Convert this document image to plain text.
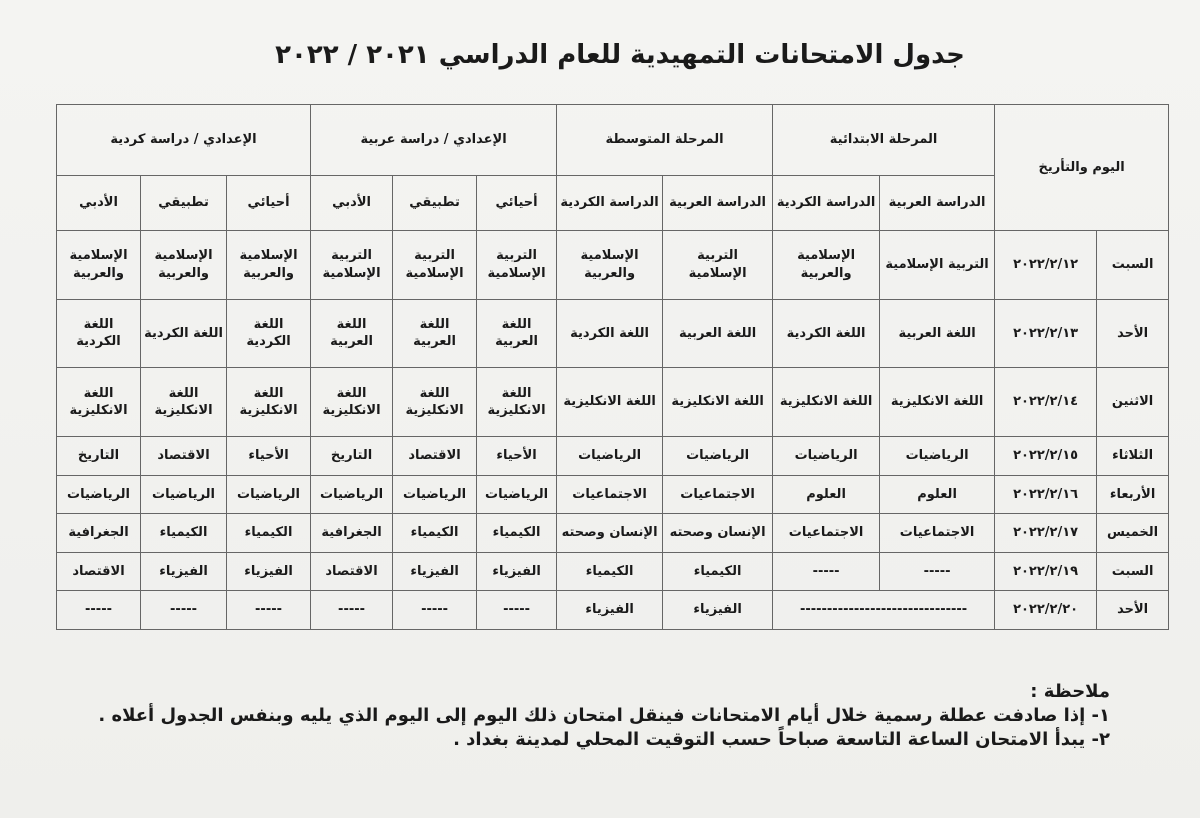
جدول الامتحانات التمهيدية للعام الدراسي ٢٠٢١ / ٢٠٢٢
اليوم والتأريخ		المرحلة الابتدائية		المرحلة المتوسطة		الإعدادي / دراسة عربية			الإعدادي / دراسة كردية		
		الدراسة العربية	الدراسة الكردية	الدراسة العربية	الدراسة الكردية	أحيائي	تطبيقي	الأدبي	أحيائي	تطبيقي	الأدبي
السبت	٢٠٢٢/٢/١٢	التربية الإسلامية	الإسلامية والعربية	التربية الإسلامية	الإسلامية والعربية	التربية الإسلامية	التربية الإسلامية	التربية الإسلامية	الإسلامية والعربية	الإسلامية والعربية	الإسلامية والعربية
الأحد	٢٠٢٢/٢/١٣	اللغة العربية	اللغة الكردية	اللغة العربية	اللغة الكردية	اللغة العربية	اللغة العربية	اللغة العربية	اللغة الكردية	اللغة الكردية	اللغة الكردية
الاثنين	٢٠٢٢/٢/١٤	اللغة الانكليزية	اللغة الانكليزية	اللغة الانكليزية	اللغة الانكليزية	اللغة الانكليزية	اللغة الانكليزية	اللغة الانكليزية	اللغة الانكليزية	اللغة الانكليزية	اللغة الانكليزية
الثلاثاء	٢٠٢٢/٢/١٥	الرياضيات	الرياضيات	الرياضيات	الرياضيات	الأحياء	الاقتصاد	التاريخ	الأحياء	الاقتصاد	التاريخ
الأربعاء	٢٠٢٢/٢/١٦	العلوم	العلوم	الاجتماعيات	الاجتماعيات	الرياضيات	الرياضيات	الرياضيات	الرياضيات	الرياضيات	الرياضيات
الخميس	٢٠٢٢/٢/١٧	الاجتماعيات	الاجتماعيات	الإنسان وصحته	الإنسان وصحته	الكيمياء	الكيمياء	الجغرافية	الكيمياء	الكيمياء	الجغرافية
السبت	٢٠٢٢/٢/١٩	-----	-----	الكيمياء	الكيمياء	الفيزياء	الفيزياء	الاقتصاد	الفيزياء	الفيزياء	الاقتصاد
الأحد	٢٠٢٢/٢/٢٠	-------------------------------		الفيزياء	الفيزياء	-----	-----	-----	-----	-----	-----
ملاحظة :
١- إذا صادفت عطلة رسمية خلال أيام الامتحانات فينقل امتحان ذلك اليوم إلى اليوم الذي يليه وبنفس الجدول أعلاه .
٢- يبدأ الامتحان الساعة التاسعة صباحاً حسب التوقيت المحلي لمدينة بغداد .
